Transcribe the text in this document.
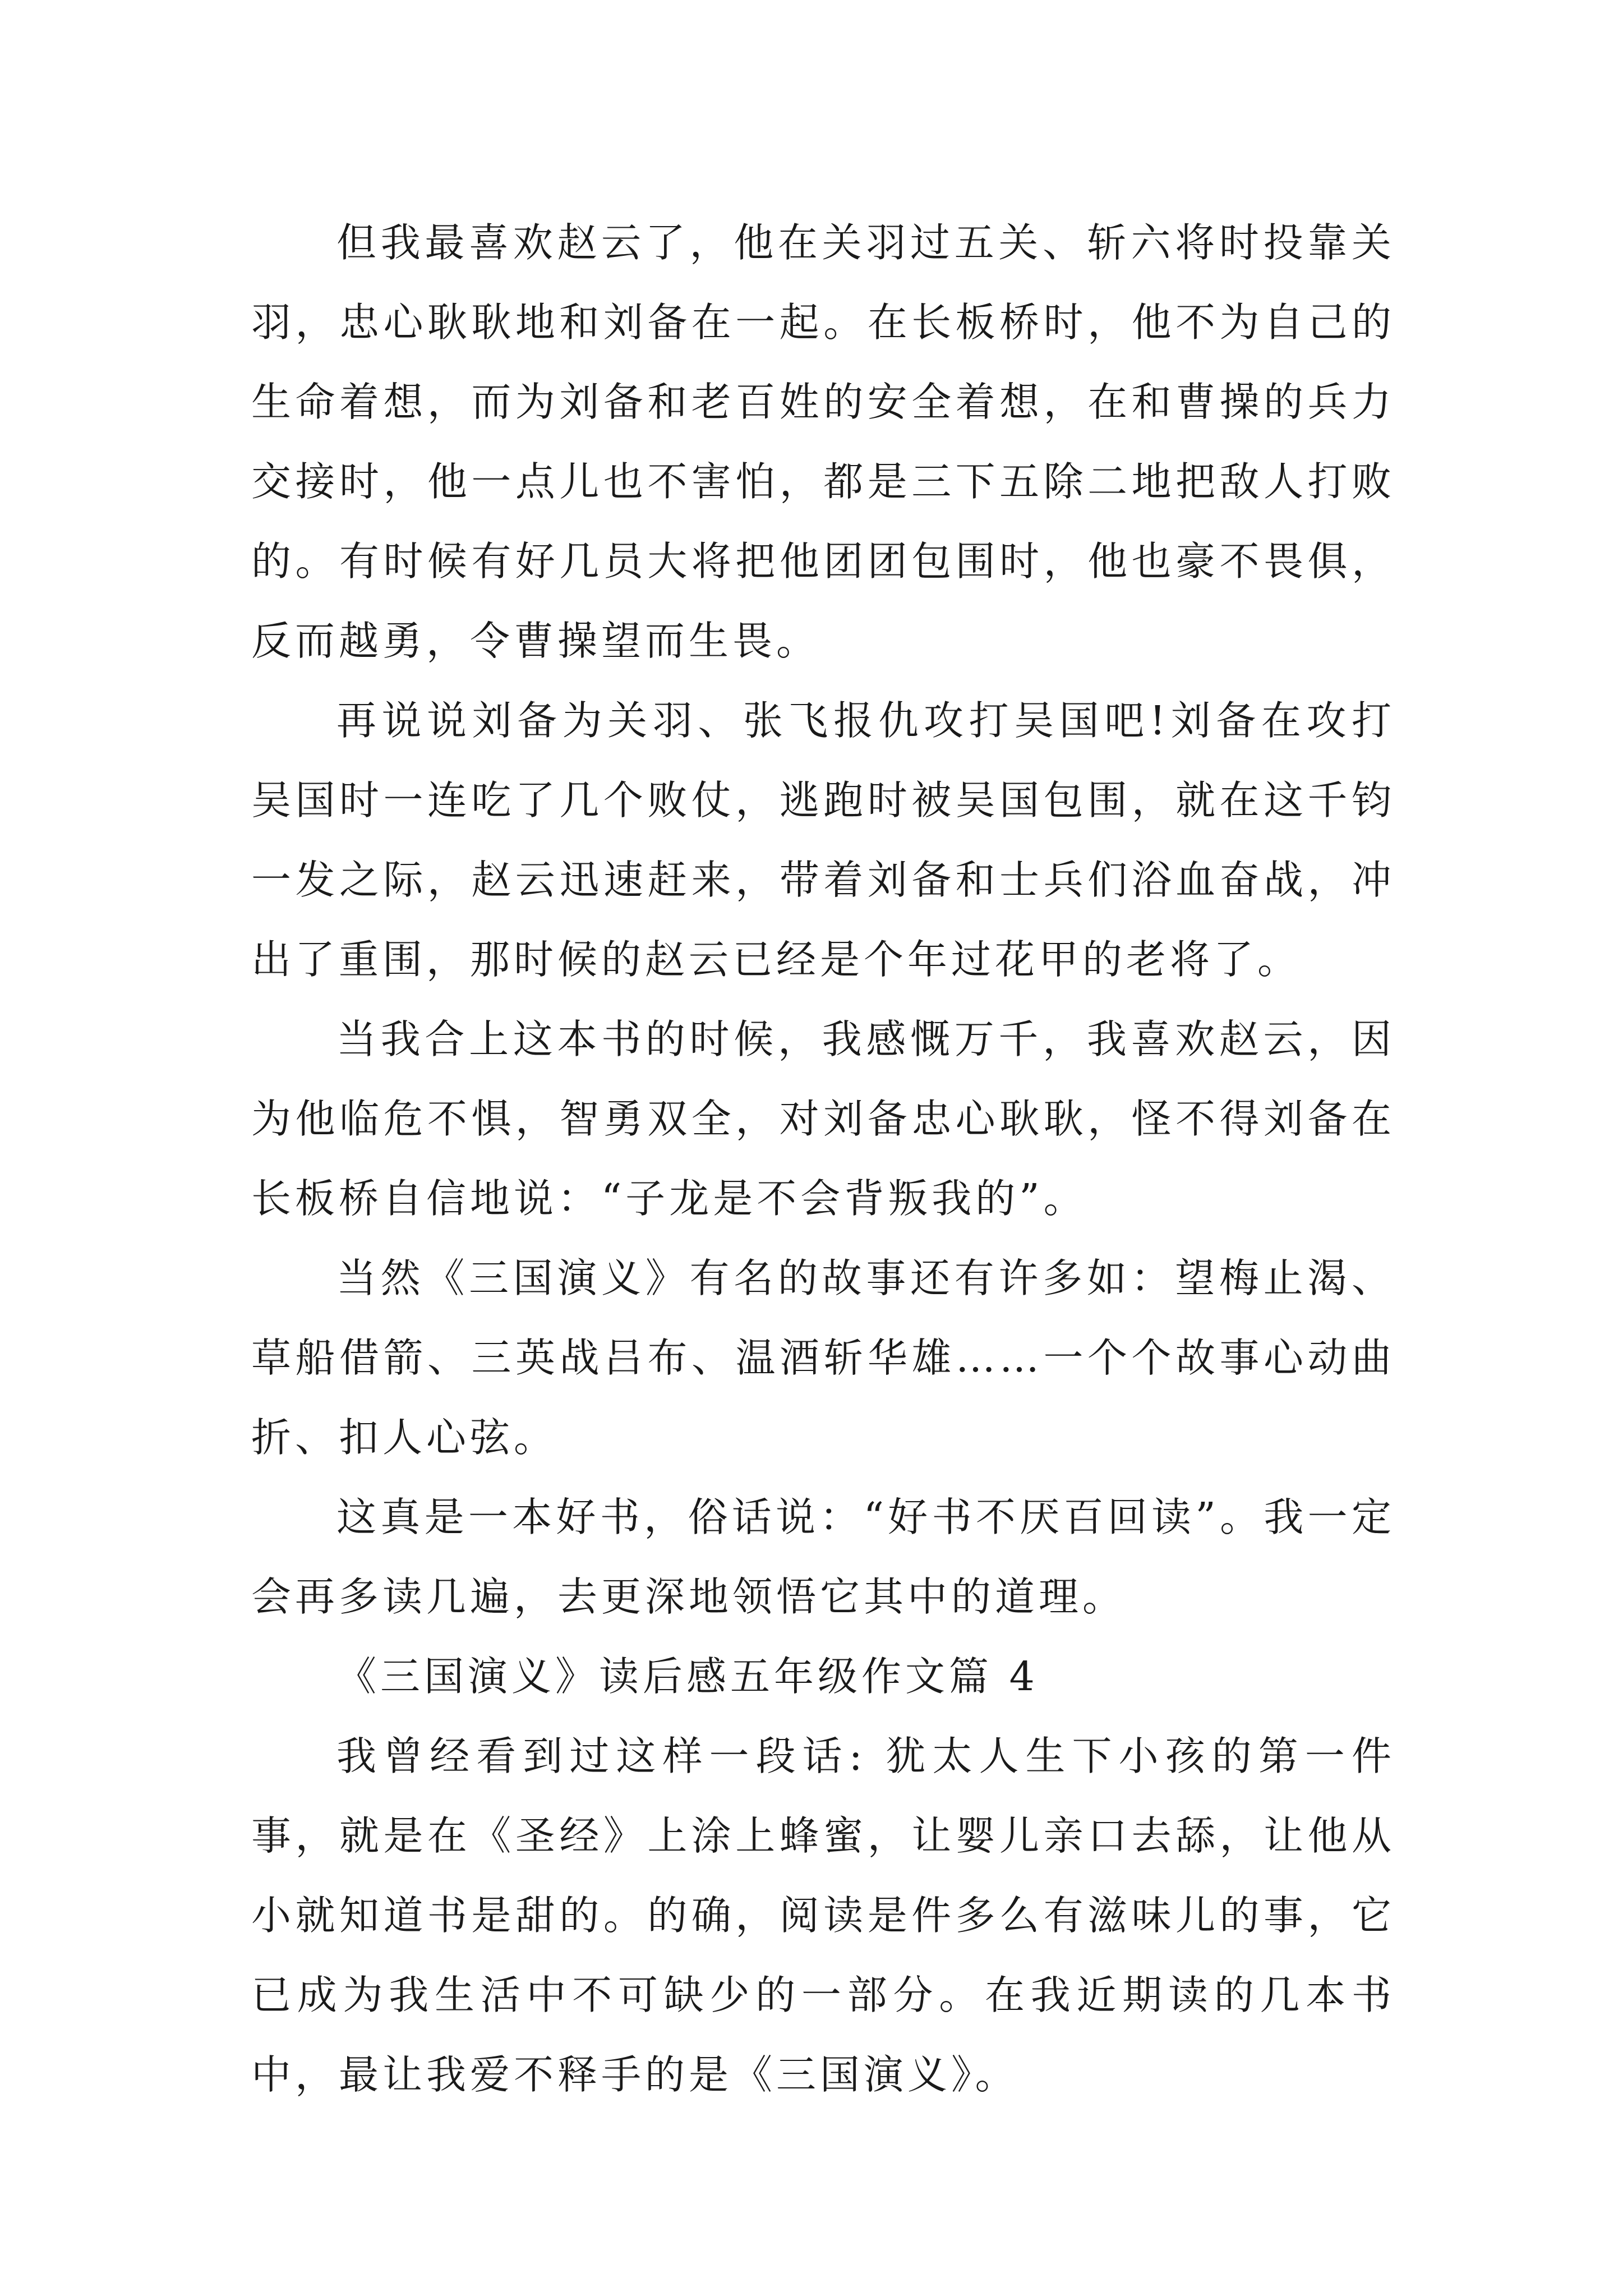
但我最喜欢赵云了，他在关羽过五关、斩六将时投靠关羽，忠心耿耿地和刘备在一起。在长板桥时，他不为自己的生命着想，而为刘备和老百姓的安全着想，在和曹操的兵力交接时，他一点儿也不害怕，都是三下五除二地把敌人打败的。有时候有好几员大将把他团团包围时，他也豪不畏俱，反而越勇，令曹操望而生畏。

再说说刘备为关羽、张飞报仇攻打吴国吧!刘备在攻打吴国时一连吃了几个败仗，逃跑时被吴国包围，就在这千钧一发之际，赵云迅速赶来，带着刘备和士兵们浴血奋战，冲出了重围，那时候的赵云已经是个年过花甲的老将了。

当我合上这本书的时候，我感慨万千，我喜欢赵云，因为他临危不惧，智勇双全，对刘备忠心耿耿，怪不得刘备在长板桥自信地说：“子龙是不会背叛我的”。

当然《三国演义》有名的故事还有许多如：望梅止渴、草船借箭、三英战吕布、温酒斩华雄……一个个故事心动曲折、扣人心弦。

这真是一本好书，俗话说：“好书不厌百回读”。我一定会再多读几遍，去更深地领悟它其中的道理。

《三国演义》读后感五年级作文篇 4

我曾经看到过这样一段话: 犹太人生下小孩的第一件事，就是在《圣经》上涂上蜂蜜，让婴儿亲口去舔，让他从小就知道书是甜的。的确，阅读是件多么有滋味儿的事，它已成为我生活中不可缺少的一部分。在我近期读的几本书中，最让我爱不释手的是《三国演义》。
